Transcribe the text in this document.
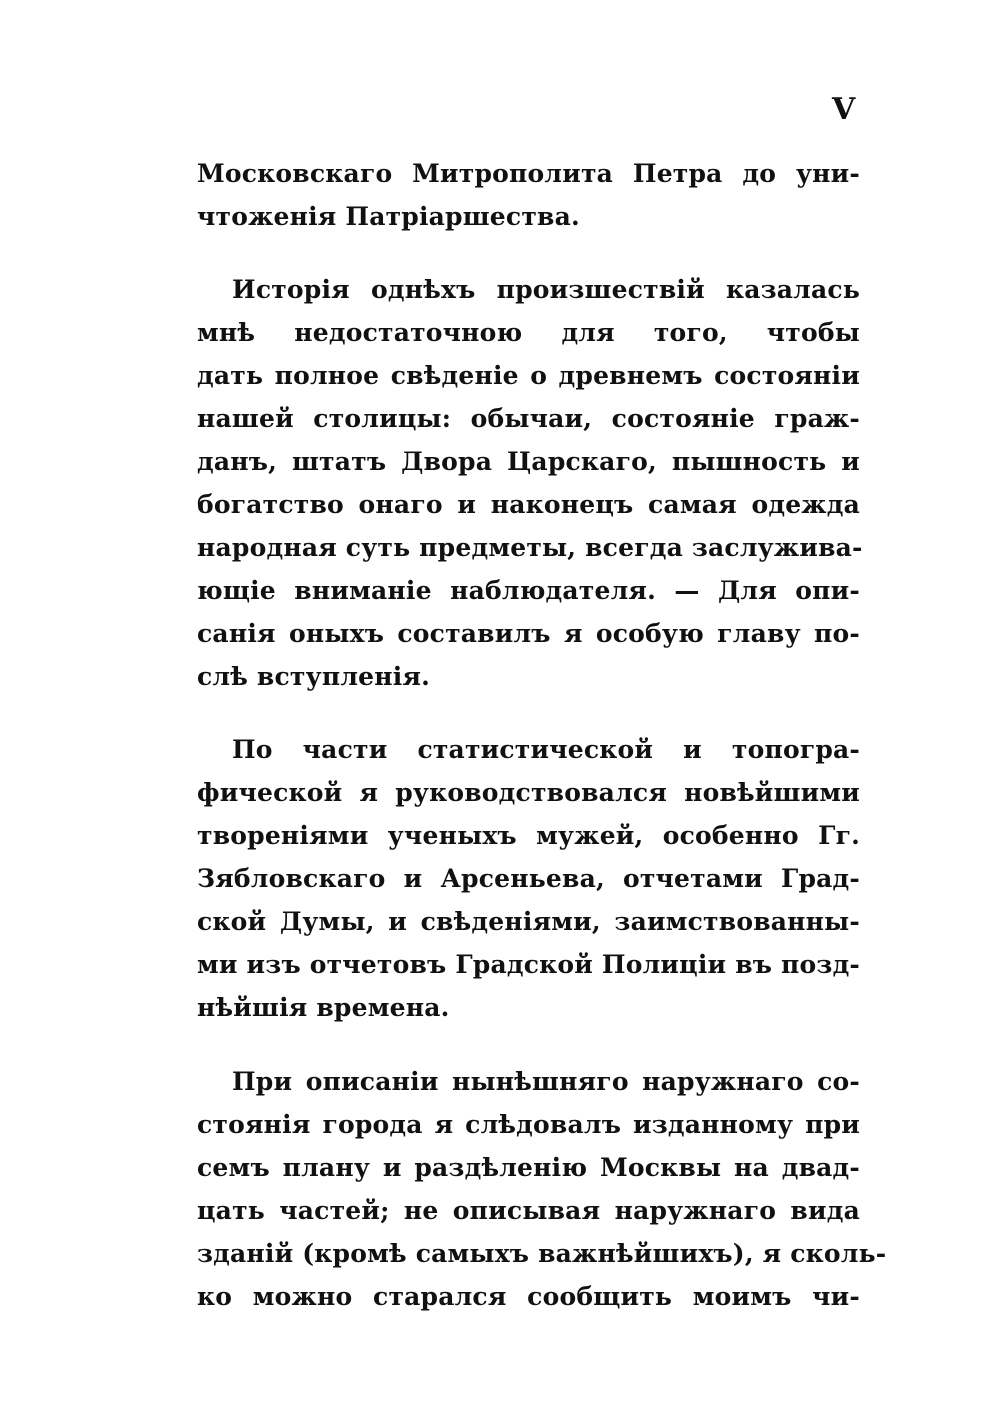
V
Московскаго Митрополита Петра до уни-
чтоженія Патріаршества.
Исторія однѣхъ произшествій казалась
мнѣ недостаточною для того, чтобы
дать полное свѣденіе о древнемъ состояніи
нашей столицы: обычаи, состояніе граж-
данъ, штатъ Двора Царскаго, пышность и
богатство онаго и наконецъ самая одежда
народная суть предметы, всегда заслужива-
ющіе вниманіе наблюдателя. — Для опи-
санія оныхъ составилъ я особую главу по-
слѣ вступленія.
По части статистической и топогра-
фической я руководствовался новѣйшими
твореніями ученыхъ мужей, особенно Гг.
Зябловскаго и Арсеньева, отчетами Град-
ской Думы, и свѣденіями, заимствованны-
ми изъ отчетовъ Градской Полиціи въ позд-
нѣйшія времена.
При описаніи нынѣшняго наружнаго со-
стоянія города я слѣдовалъ изданному при
семъ плану и раздѣленію Москвы на двад-
цать частей; не описывая наружнаго вида
зданій (кромѣ самыхъ важнѣйшихъ), я сколь-
ко можно старался сообщить моимъ чи-
